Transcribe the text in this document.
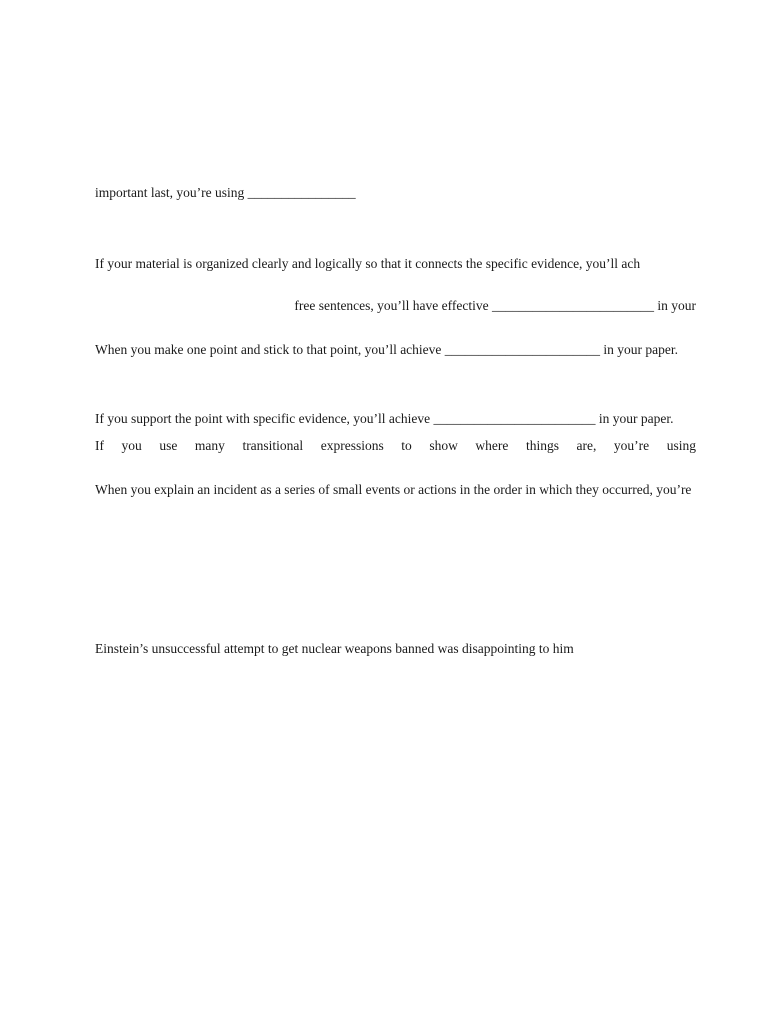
important last, you’re using ________________
If your material is organized clearly and logically so that it connects the specific evidence, you’ll ach
free sentences, you’ll have effective ________________________ in your
When you make one point and stick to that point, you’ll achieve _______________________ in your paper.
If you support the point with specific evidence, you’ll achieve ________________________ in your paper.
If you use many transitional expressions to show where things are, you’re using
When you explain an incident as a series of small events or actions in the order in which they occurred, you’re
Einstein’s unsuccessful attempt to get nuclear weapons banned was disappointing to him
